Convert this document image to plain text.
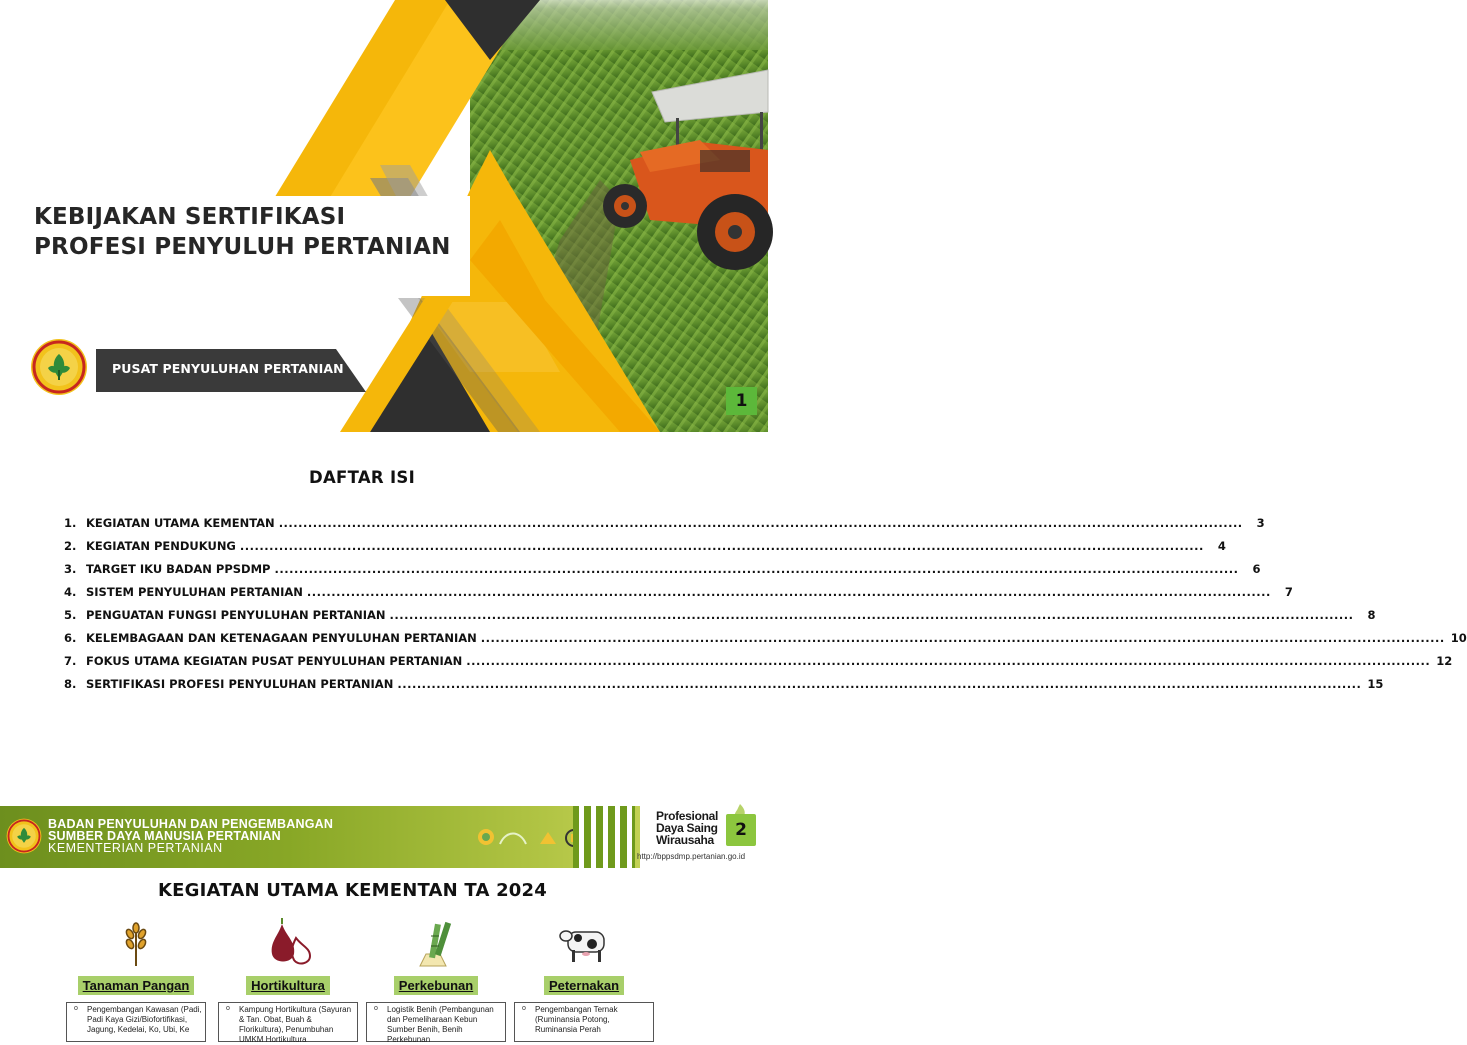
KEBIJAKAN SERTIFIKASI
PROFESI PENYULUH PERTANIAN
PUSAT PENYULUHAN PERTANIAN
1
DAFTAR ISI
1. KEGIATAN UTAMA KEMENTAN .....	3
2. KEGIATAN PENDUKUNG .....	4
3. TARGET IKU BADAN PPSDMP .....	6
4. SISTEM PENYULUHAN PERTANIAN .....	7
5. PENGUATAN FUNGSI PENYULUHAN PERTANIAN .....	8
6. KELEMBAGAAN DAN KETENAGAAN PENYULUHAN PERTANIAN .....	10
7. FOKUS UTAMA KEGIATAN PUSAT PENYULUHAN PERTANIAN .....	12
8. SERTIFIKASI PROFESI PENYULUHAN PERTANIAN .....	15
BADAN PENYULUHAN DAN PENGEMBANGAN
SUMBER DAYA MANUSIA PERTANIAN
KEMENTERIAN PERTANIAN
Profesional
Daya Saing
Wirausaha	2
http://bppsdmp.pertanian.go.id
KEGIATAN UTAMA KEMENTAN TA 2024
Tanaman Pangan
o Pengembangan Kawasan (Padi, Padi Kaya Gizi/Biofortifikasi, Jagung, Kedelai, Ko, Ubi, Ke
Hortikultura
o Kampung Hortikultura (Sayuran & Tan. Obat, Buah & Florikultura), Penumbuhan UMKM Hortikultura
Perkebunan
o Logistik Benih (Pembangunan dan Pemeliharaan Kebun Sumber Benih, Benih Perkebunan
Peternakan
o Pengembangan Ternak (Ruminansia Potong, Ruminansia Perah
